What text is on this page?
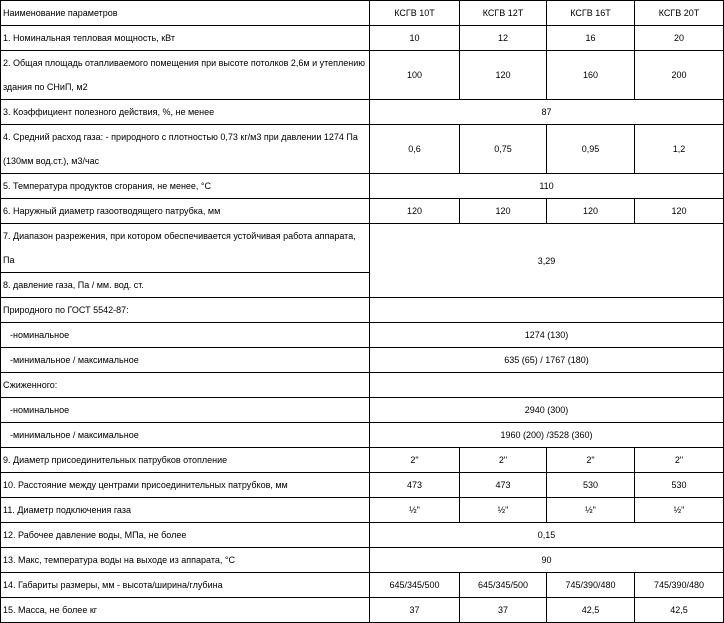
Наименование параметров	КСГВ 10Т	КСГВ 12Т	КСГВ 16Т	КСГВ 20Т
1. Номинальная тепловая мощность, кВт	10	12	16	20

2. Общая площадь отапливаемого помещения при высоте потолков 2,6м и утеплению
здания по СНиП, м2	100	120	160	200
3. Коэффициент полезного действия, %, не менее	87			

4. Средний расход газа: - природного с плотностью 0,73 кг/м3 при давлении 1274 Па
(130мм вод.ст.), м3/час	0,6	0,75	0,95	1,2
5. Температура продуктов сгорания, не менее, °С	110			
6. Наружный диаметр газоотводящего патрубка, мм	120	120	120	120
7. Диапазон разрежения, при котором обеспечивается устойчивая работа аппарата, Па	3,29			
8. давление газа, Па / мм. вод. ст.				
Природного по ГОСТ 5542-87:				
-номинальное	1274 (130)			
-минимальное / максимальное	635 (65) / 1767 (180)			
Сжиженного:				
-номинальное	2940 (300)			
-минимальное / максимальное	1960 (200) /3528 (360)			
9. Диаметр присоединительных патрубков отопление	2"	2"	2"	2"
10. Расстояние между центрами присоединительных патрубков, мм	473	473	530	530
11. Диаметр подключения газа	½"	½"	½"	½"
12. Рабочее давление воды, МПа, не более	0,15			
13. Макс, температура воды на выходе из аппарата, °С	90			
14. Габариты размеры, мм - высота/ширина/глубина	645/345/500	645/345/500	745/390/480	745/390/480
15. Масса, не более кг	37	37	42,5	42,5
